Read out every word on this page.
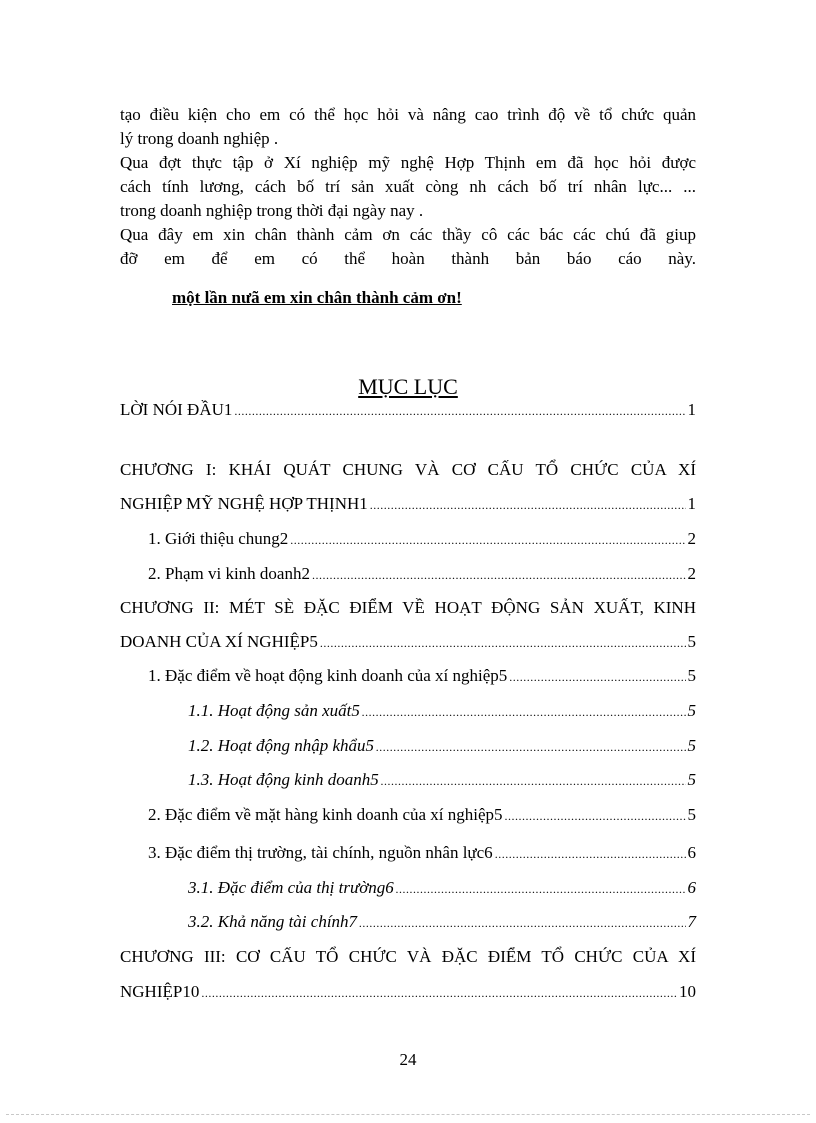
tạo điều kiện cho em có thể học hỏi và nâng cao trình độ về tổ chức quản
lý trong doanh nghiệp .

Qua đợt thực tập ở Xí nghiệp mỹ nghệ Hợp Thịnh em đã học hỏi được
cách tính lương, cách bố trí sản xuất còng nh cách bố trí nhân lực... ...
trong doanh nghiệp trong thời đại ngày nay .

Qua đây em xin chân thành cảm ơn các thầy cô các bác các chú đã giup
đỡ em để em có thể hoàn thành bản báo cáo này.

một lần nưã em xin chân thành cảm ơn!
MỤC LỤC
LỜI NÓI ĐẦU1 .....	1
CHƯƠNG I: KHÁI QUÁT CHUNG VÀ CƠ CẤU TỔ CHỨC CỦA XÍ
NGHIỆP MỸ NGHỆ HỢP THỊNH1 .....	1
1. Giới thiệu chung2 .....	2
2. Phạm vi kinh doanh2 .....	2
CHƯƠNG II: MÉT SÈ ĐẶC ĐIỂM VỀ HOẠT ĐỘNG SẢN XUẤT, KINH
DOANH CỦA XÍ NGHIỆP5 .....	5
1. Đặc điểm về hoạt động kinh doanh của xí nghiệp5 .....	5
1.1. Hoạt động sản xuất5 .....	5
1.2. Hoạt động nhập khẩu5 .....	5
1.3. Hoạt động kinh doanh5 .....	5
2. Đặc điểm về mặt hàng kinh doanh của xí nghiệp5 .....	5
3. Đặc điểm thị trường, tài chính, nguồn nhân lực6 .....	6
3.1. Đặc điểm của thị trường6 .....	6
3.2. Khả năng tài chính7 .....	7
CHƯƠNG III: CƠ CẤU TỔ CHỨC VÀ ĐẶC ĐIỂM TỔ CHỨC CỦA XÍ
NGHIỆP10 .....	10
24
